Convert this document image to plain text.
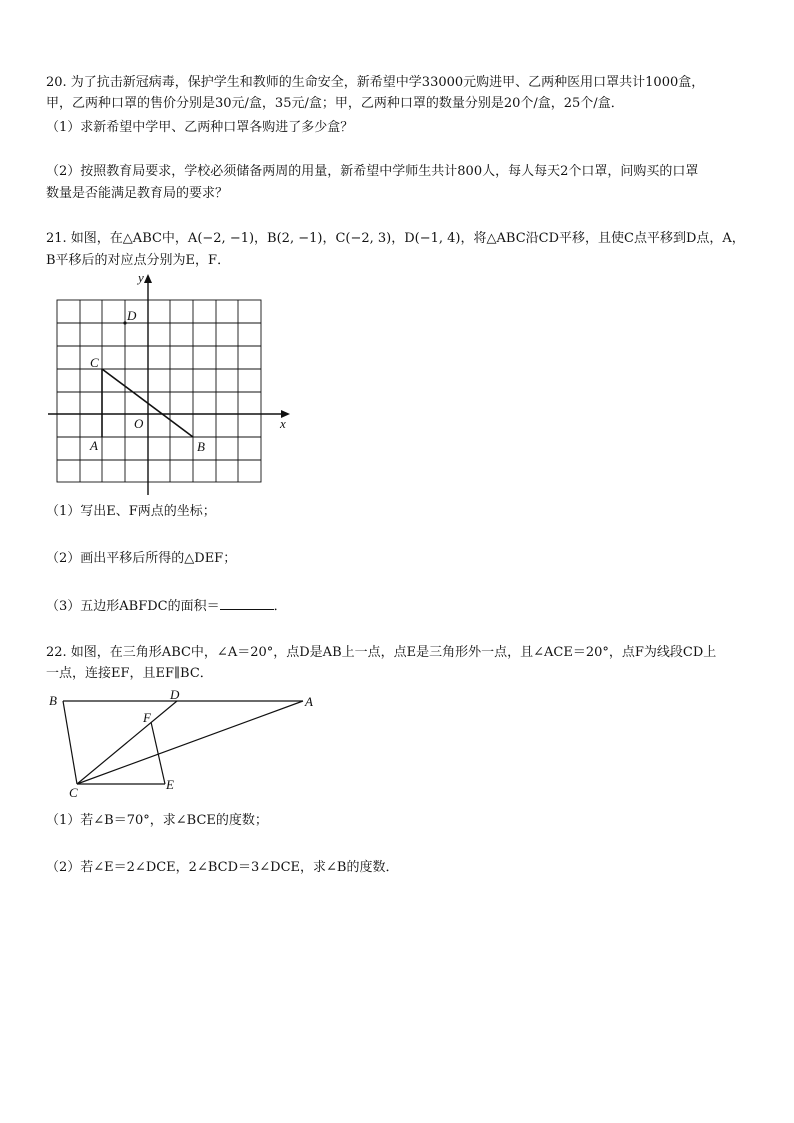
20. 为了抗击新冠病毒，保护学生和教师的生命安全，新希望中学33000元购进甲、乙两种医用口罩共计1000盒，
甲，乙两种口罩的售价分别是30元/盒，35元/盒；甲，乙两种口罩的数量分别是20个/盒，25个/盒．
（1）求新希望中学甲、乙两种口罩各购进了多少盒？
（2）按照教育局要求，学校必须储备两周的用量，新希望中学师生共计800人，每人每天2个口罩，问购买的口罩
数量是否能满足教育局的要求？
21. 如图，在△ABC中，A(−2, −1)，B(2, −1)，C(−2, 3)，D(−1, 4)，将△ABC沿CD平移，且使C点平移到D点，A，
B平移后的对应点分别为E，F．
y
x
D
C
O
A	B
（1）写出E、F两点的坐标；
（2）画出平移后所得的△DEF；
（3）五边形ABFDC的面积＝	．
22. 如图，在三角形ABC中，∠A＝20°，点D是AB上一点，点E是三角形外一点，且∠ACE＝20°，点F为线段CD上
一点，连接EF，且EF∥BC．
B	D	A
F
C
E
（1）若∠B＝70°，求∠BCE的度数；
（2）若∠E＝2∠DCE，2∠BCD＝3∠DCE，求∠B的度数．
